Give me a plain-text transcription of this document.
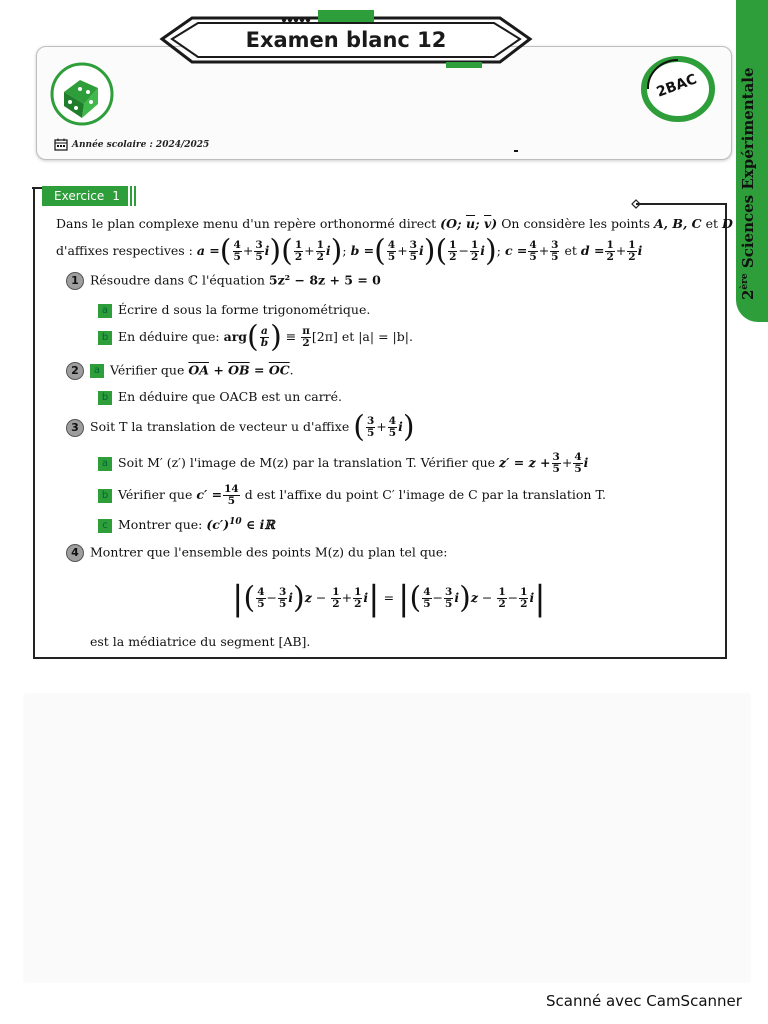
2ère Sciences Expérimentale
Examen blanc 12
2BAC
Année scolaire : 2024/2025
Exercice 1
Dans le plan complexe menu d'un repère orthonormé direct (O; $\overline{u}$; $\overline{v}$) On considère les points A, B, C et D
d'affixes respectives : a =( $\frac{4}{5} + \frac{3}{5} i)( \frac{1}{2} + \frac{1}{2} i)$; b =( $\frac{4}{5} + \frac{3}{5} i)( \frac{1}{2} - \frac{1}{2} i)$; $c = \frac{4}{5} + \frac{3}{5}$ et $d = \frac{1}{2} + \frac{1}{2}$ i
1 Résoudre dans ℂ l'équation 5z² − 8z + 5 = 0
a Écrire d sous la forme trigonométrique.
b En déduire que: $arg( \frac{a}{b}$ ) ≡ $\frac{\pi}{2} [2\pi]$ et |a| = |b|.
2 a Vérifier que $\overline{OA} + \overline{OB} = \overline{OC}$.
b En déduire que OACB est un carré.
3 Soit T la translation de vecteur u d'affixe ( $\frac{3}{5} + \frac{4}{5} i$)
a Soit M′ (z′) l'image de M(z) par la translation T. Vérifier que $z' = z + \frac{3}{5} + \frac{4}{5}$ i
b Vérifier que $c' = \frac{14}{5}$ d est l'affixe du point C′ l'image de C par la translation T.
c Montrer que: $(c')^{10}$ ∈ iℝ
4 Montrer que l'ensemble des points M(z) du plan tel que:
|( $\frac{4}{5} - \frac{3}{5} i)z - \frac{1}{2} + \frac{1}{2} i|$ = |( $\frac{4}{5} - \frac{3}{5} i)z - \frac{1}{2} - \frac{1}{2} i|$
est la médiatrice du segment [AB].
Scanné avec CamScanner
